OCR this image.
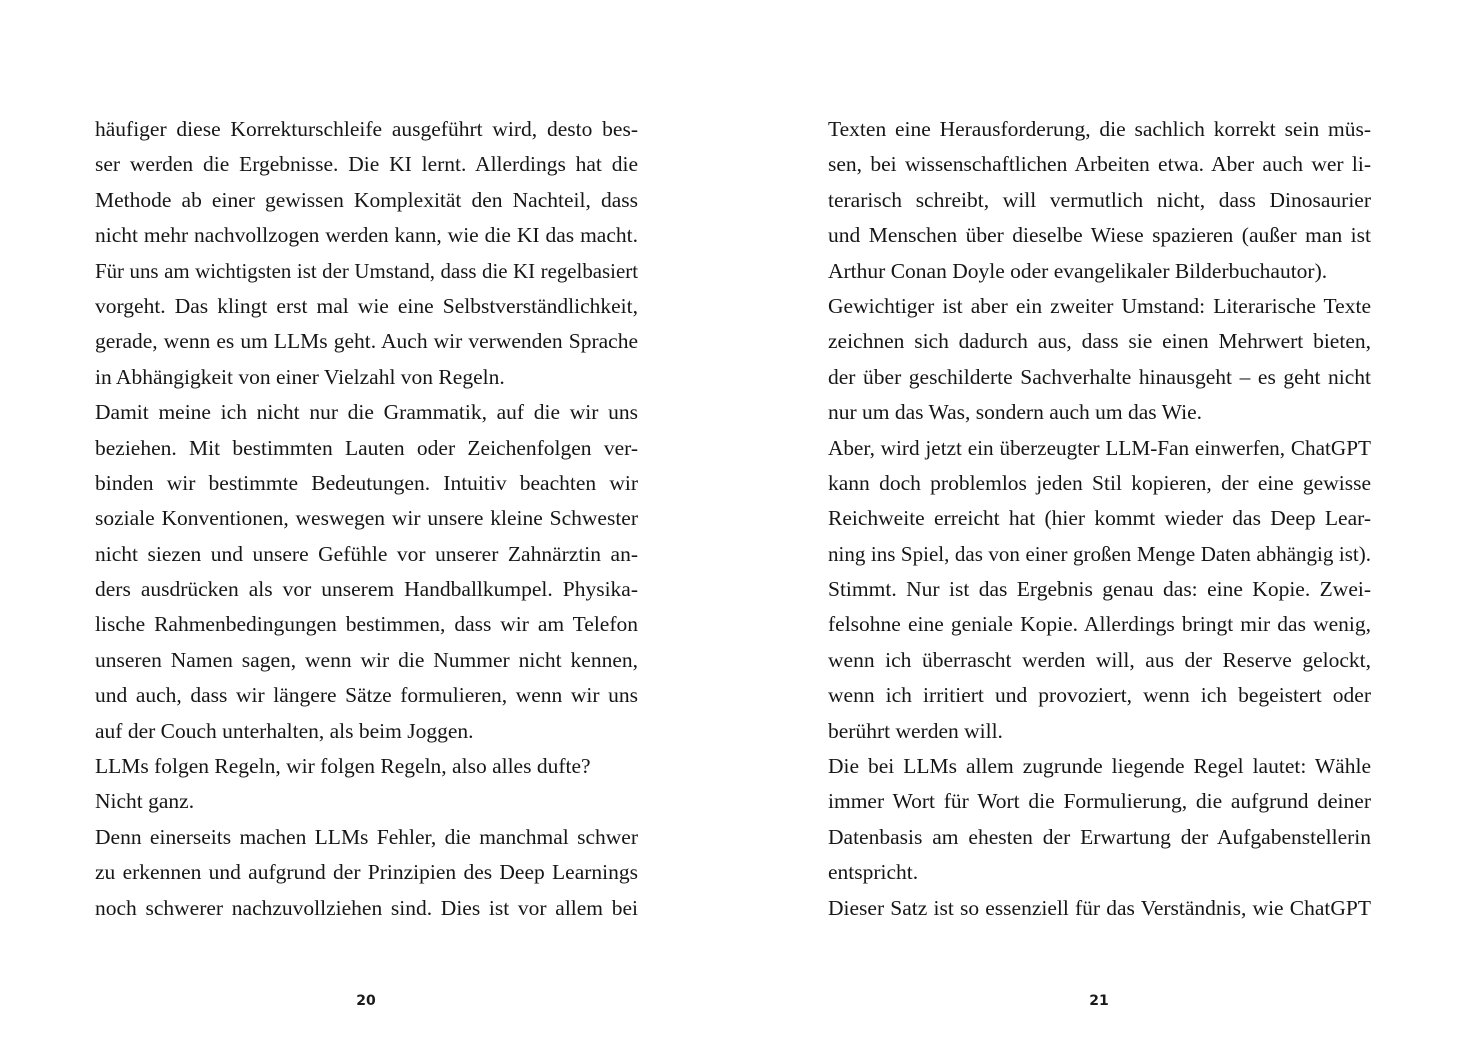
häufiger diese Korrekturschleife ausgeführt wird, desto bes-
ser werden die Ergebnisse. Die KI lernt. Allerdings hat die
Methode ab einer gewissen Komplexität den Nachteil, dass
nicht mehr nachvollzogen werden kann, wie die KI das macht.
Für uns am wichtigsten ist der Umstand, dass die KI regelbasiert
vorgeht. Das klingt erst mal wie eine Selbstverständlichkeit,
gerade, wenn es um LLMs geht. Auch wir verwenden Sprache
in Abhängigkeit von einer Vielzahl von Regeln.
Damit meine ich nicht nur die Grammatik, auf die wir uns
beziehen. Mit bestimmten Lauten oder Zeichenfolgen ver-
binden wir bestimmte Bedeutungen. Intuitiv beachten wir
soziale Konventionen, weswegen wir unsere kleine Schwester
nicht siezen und unsere Gefühle vor unserer Zahnärztin an-
ders ausdrücken als vor unserem Handballkumpel. Physika-
lische Rahmenbedingungen bestimmen, dass wir am Telefon
unseren Namen sagen, wenn wir die Nummer nicht kennen,
und auch, dass wir längere Sätze formulieren, wenn wir uns
auf der Couch unterhalten, als beim Joggen.
LLMs folgen Regeln, wir folgen Regeln, also alles dufte?
Nicht ganz.
Denn einerseits machen LLMs Fehler, die manchmal schwer
zu erkennen und aufgrund der Prinzipien des Deep Learnings
noch schwerer nachzuvollziehen sind. Dies ist vor allem bei
20
Texten eine Herausforderung, die sachlich korrekt sein müs-
sen, bei wissenschaftlichen Arbeiten etwa. Aber auch wer li-
terarisch schreibt, will vermutlich nicht, dass Dinosaurier
und Menschen über dieselbe Wiese spazieren (außer man ist
Arthur Conan Doyle oder evangelikaler Bilderbuchautor).
Gewichtiger ist aber ein zweiter Umstand: Literarische Texte
zeichnen sich dadurch aus, dass sie einen Mehrwert bieten,
der über geschilderte Sachverhalte hinausgeht – es geht nicht
nur um das Was, sondern auch um das Wie.
Aber, wird jetzt ein überzeugter LLM-Fan einwerfen, ChatGPT
kann doch problemlos jeden Stil kopieren, der eine gewisse
Reichweite erreicht hat (hier kommt wieder das Deep Lear-
ning ins Spiel, das von einer großen Menge Daten abhängig ist).
Stimmt. Nur ist das Ergebnis genau das: eine Kopie. Zwei-
felsohne eine geniale Kopie. Allerdings bringt mir das wenig,
wenn ich überrascht werden will, aus der Reserve gelockt,
wenn ich irritiert und provoziert, wenn ich begeistert oder
berührt werden will.
Die bei LLMs allem zugrunde liegende Regel lautet: Wähle
immer Wort für Wort die Formulierung, die aufgrund deiner
Datenbasis am ehesten der Erwartung der Aufgabenstellerin
entspricht.
Dieser Satz ist so essenziell für das Verständnis, wie ChatGPT
21
